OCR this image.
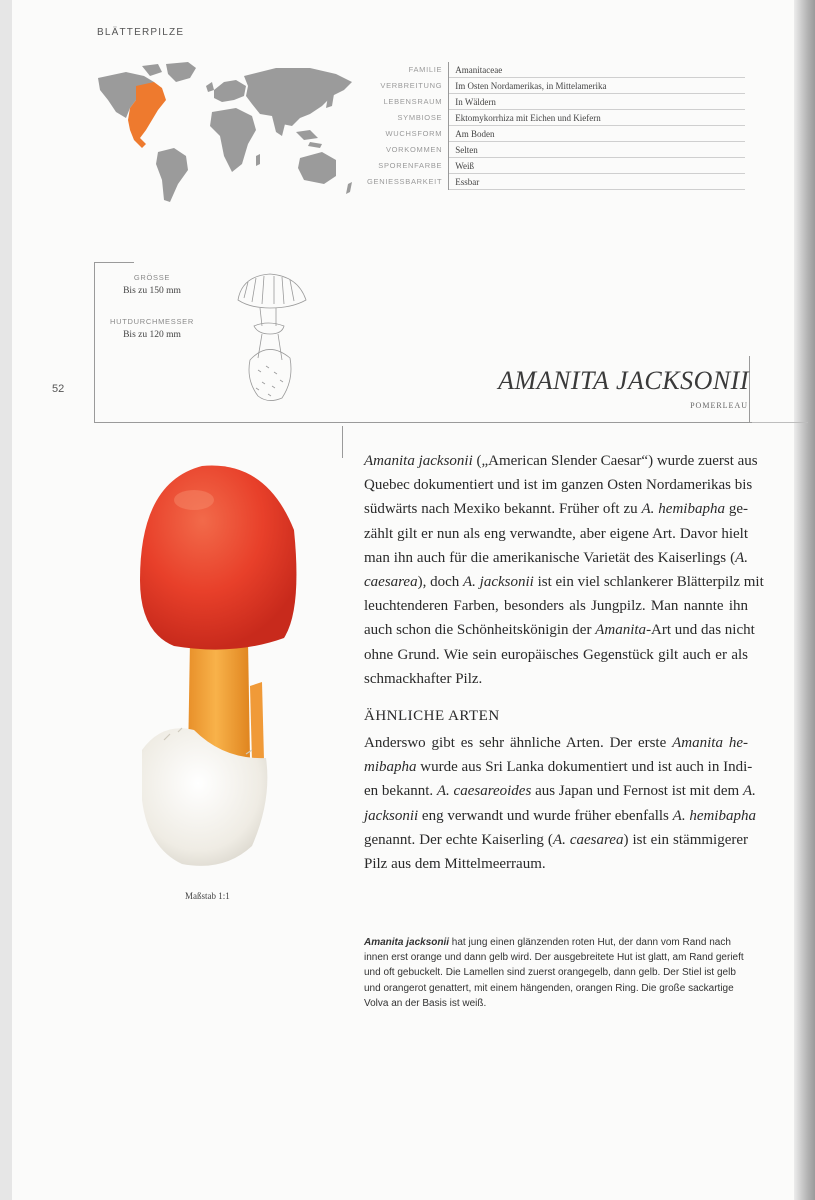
BLÄTTERPILZE
FAMILIE	Amanitaceae
VERBREITUNG	Im Osten Nordamerikas, in Mittelamerika
LEBENSRAUM	In Wäldern
SYMBIOSE	Ektomykorrhiza mit Eichen und Kiefern
WUCHSFORM	Am Boden
VORKOMMEN	Selten
SPORENFARBE	Weiß
GENIESSBARKEIT	Essbar
GRÖSSE
Bis zu 150 mm
HUTDURCHMESSER
Bis zu 120 mm
52	AMANITA JACKSONII
POMERLEAU
Amanita jacksonii („American Slender Caesar“) wurde zuerst aus
Quebec dokumentiert und ist im ganzen Osten Nordamerikas bis
südwärts nach Mexiko bekannt. Früher oft zu A. hemibapha ge-
zählt gilt er nun als eng verwandte, aber eigene Art. Davor hielt
man ihn auch für die amerikanische Varietät des Kaiserlings (A.
caesarea), doch A. jacksonii ist ein viel schlankerer Blätterpilz mit
leuchtenderen Farben, besonders als Jungpilz. Man nannte ihn
auch schon die Schönheitskönigin der Amanita-Art und das nicht
ohne Grund. Wie sein europäisches Gegenstück gilt auch er als
schmackhafter Pilz.
ÄHNLICHE ARTEN
Anderswo gibt es sehr ähnliche Arten. Der erste Amanita he-
mibapha wurde aus Sri Lanka dokumentiert und ist auch in Indi-
en bekannt. A. caesareoides aus Japan und Fernost ist mit dem A.
jacksonii eng verwandt und wurde früher ebenfalls A. hemibapha
genannt. Der echte Kaiserling (A. caesarea) ist ein stämmigerer
Pilz aus dem Mittelmeerraum.
Maßstab 1:1
Amanita jacksonii hat jung einen glänzenden roten Hut, der dann vom Rand nach innen erst orange und dann gelb wird. Der ausgebreitete Hut ist glatt, am Rand gerieft und oft gebuckelt. Die Lamellen sind zuerst orangegelb, dann gelb. Der Stiel ist gelb und orangerot genattert, mit einem hängenden, orangen Ring. Die große sackartige Volva an der Basis ist weiß.
